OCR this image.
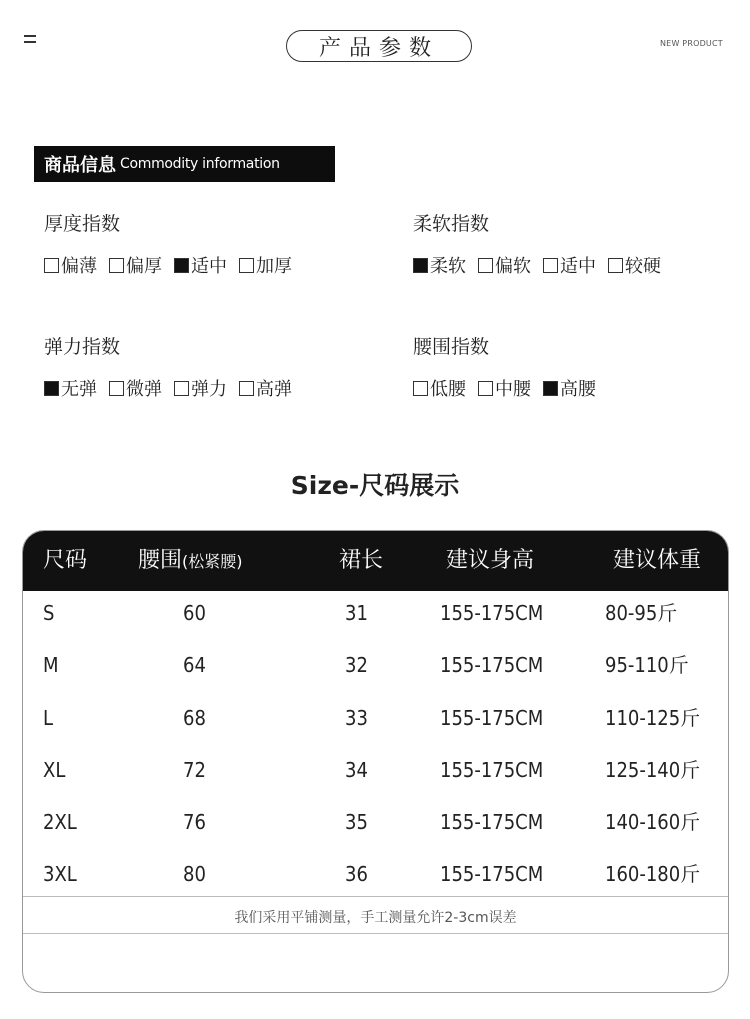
产品参数	NEW PRODUCT
商品信息 Commodity information
厚度指数
偏薄 偏厚 适中 加厚
柔软指数
柔软 偏软 适中 较硬
弹力指数
无弹 微弹 弹力 高弹
腰围指数
低腰 中腰 高腰
Size-尺码展示
尺码 腰围(松紧腰)	裙长	建议身高	建议体重
S	60	31	155-175CM	80-95斤
M	64	32	155-175CM	95-110斤
L	68	33	155-175CM	110-125斤
XL	72	34	155-175CM	125-140斤
2XL	76	35	155-175CM	140-160斤
3XL	80	36	155-175CM	160-180斤
我们采用平铺测量，手工测量允许2-3cm误差
